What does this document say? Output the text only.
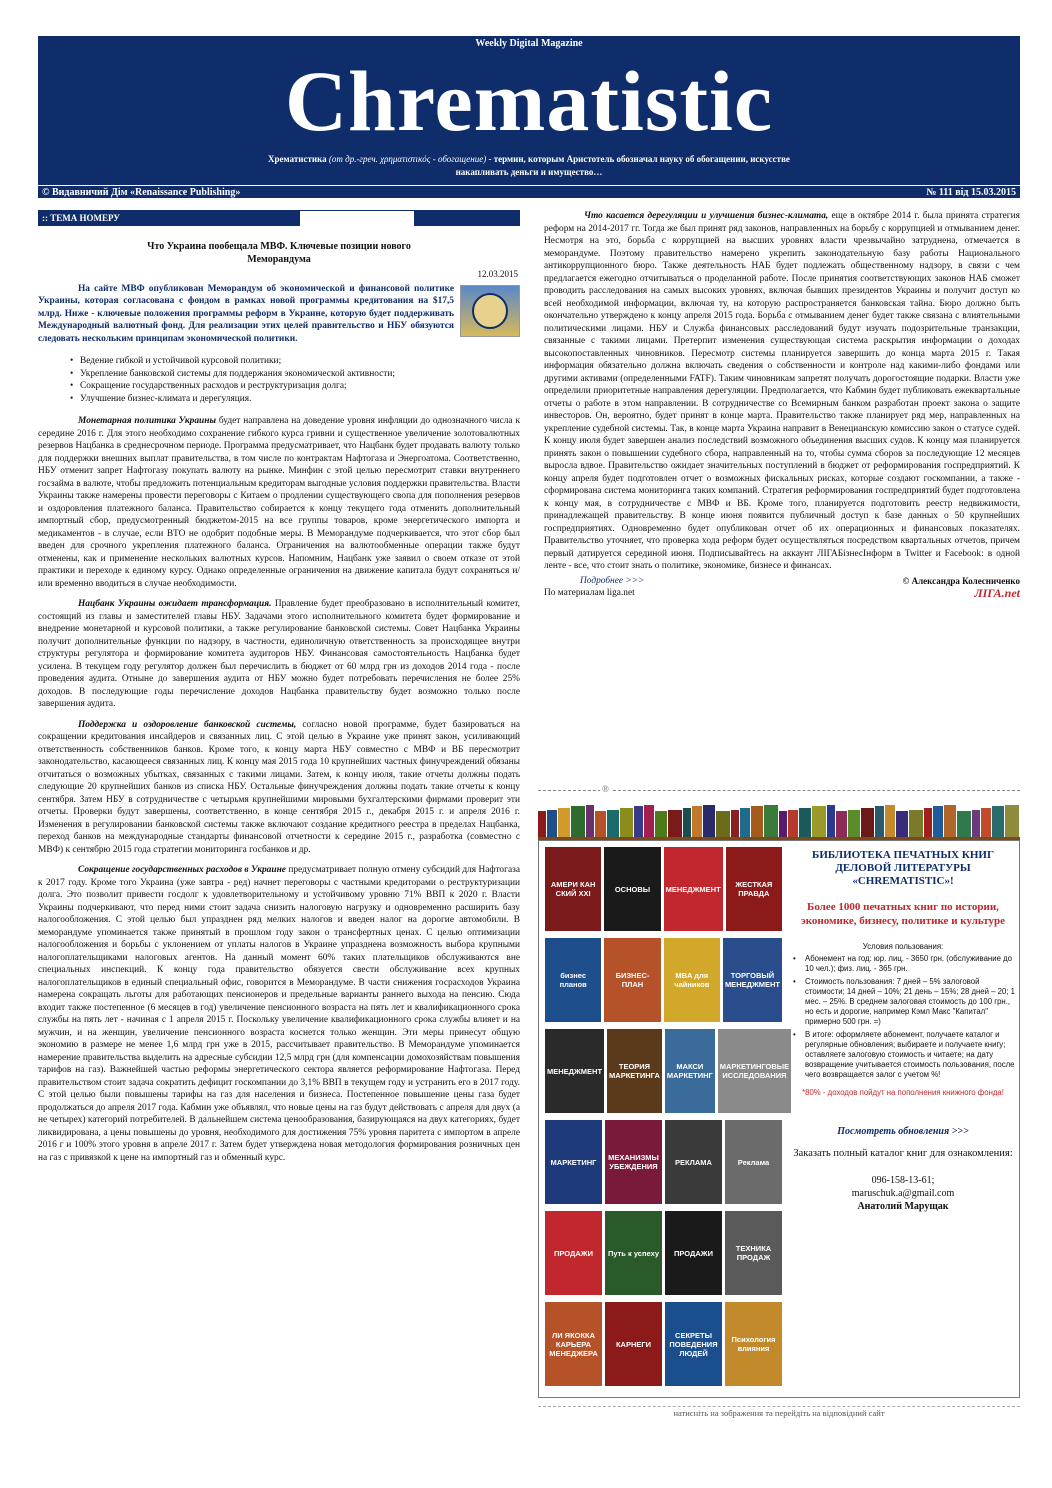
Weekly Digital Magazine
Chrematistic
Хрематистика (от др.-греч. χρηματιστικός - обогащение) - термин, которым Аристотель обозначал науку об обогащении, искусстве накапливать деньги и имущество…
© Видавничий Дім «Renaissance Publishing»	№ 111 від 15.03.2015
:: ТЕМА НОМЕРУ
Что Украина пообещала МВФ. Ключевые позиции нового Меморандума
12.03.2015

На сайте МВФ опубликован Меморандум об экономической и финансовой политике Украины, которая согласована с фондом в рамках новой программы кредитования на $17,5 млрд. Ниже - ключевые положения программы реформ в Украине, которую будет поддерживать Международный валютный фонд. Для реализации этих целей правительство и НБУ обязуются следовать нескольким принципам экономической политики.

• Ведение гибкой и устойчивой курсовой политики;
• Укрепление банковской системы для поддержания экономической активности;
• Сокращение государственных расходов и реструктуризация долга;
• Улучшение бизнес-климата и дерегуляция.

Монетарная политика Украины будет направлена на доведение уровня инфляции до однозначного числа к середине 2016 г. Для этого необходимо сохранение гибкого курса гривни и существенное увеличение золотовалютных резервов Нацбанка в среднесрочном периоде. Программа предусматривает, что Нацбанк будет продавать валюту только для поддержки внешних выплат правительства, в том числе по контрактам Нафтогаза и Энергоатома. Соответственно, НБУ отменит запрет Нафтогазу покупать валюту на рынке. Минфин с этой целью пересмотрит ставки внутреннего госзайма в валюте, чтобы предложить потенциальным кредиторам выгодные условия поддержки правительства. Власти Украины также намерены провести переговоры с Китаем о продлении существующего свопа для пополнения резервов и оздоровления платежного баланса. Правительство собирается к концу текущего года отменить дополнительный импортный сбор, предусмотренный бюджетом-2015 на все группы товаров, кроме энергетического импорта и медикаментов - в случае, если ВТО не одобрит подобные меры. В Меморандуме подчеркивается, что этот сбор был введен для срочного укрепления платежного баланса. Ограничения на валютообменные операции также будут отменены, как и применение нескольких валютных курсов. Напомним, Нацбанк уже заявил о своем отказе от этой практики и переходе к единому курсу. Однако определенные ограничения на движение капитала будут сохраняться и/или временно вводиться в случае необходимости.

Нацбанк Украины ожидает трансформация. Правление будет преобразовано в исполнительный комитет, состоящий из главы и заместителей главы НБУ. Задачами этого исполнительного комитета будет формирование и внедрение монетарной и курсовой политики, а также регулирование банковской системы. Совет Нацбанка Украины получит дополнительные функции по надзору, в частности, единоличную ответственность за происходящее внутри структуры регулятора и формирование комитета аудиторов НБУ. Финансовая самостоятельность Нацбанка будет усилена. В текущем году регулятор должен был перечислить в бюджет от 60 млрд грн из доходов 2014 года - после проведения аудита. Отныне до завершения аудита от НБУ можно будет потребовать перечисления не более 25% доходов. В последующие годы перечисление доходов Нацбанка правительству будет возможно только после завершения аудита.

Поддержка и оздоровление банковской системы, согласно новой программе, будет базироваться на сокращении кредитования инсайдеров и связанных лиц. С этой целью в Украине уже принят закон, усиливающий ответственность собственников банков. Кроме того, к концу марта НБУ совместно с МВФ и ВБ пересмотрит законодательство, касающееся связанных лиц. К концу мая 2015 года 10 крупнейших частных финучреждений обязаны отчитаться о возможных убытках, связанных с такими лицами. Затем, к концу июля, такие отчеты должны подать следующие 20 крупнейших банков из списка НБУ. Остальные финучреждения должны подать такие отчеты к концу сентября. Затем НБУ в сотрудничестве с четырьмя крупнейшими мировыми бухгалтерскими фирмами проверит эти отчеты. Проверки будут завершены, соответственно, в конце сентября 2015 г., декабря 2015 г. и апреля 2016 г. Изменения в регулировании банковской системы также включают создание кредитного реестра в пределах Нацбанка, переход банков на международные стандарты финансовой отчетности к середине 2015 г., разработка (совместно с МВФ) к сентябрю 2015 года стратегии мониторинга госбанков и др.

Сокращение государственных расходов в Украине предусматривает полную отмену субсидий для Нафтогаза к 2017 году. Кроме того Украина (уже завтра - ред) начнет переговоры с частными кредиторами о реструктуризации долга. Это позволит привести госдолг к удовлетворительному и устойчивому уровню 71% ВВП к 2020 г. Власти Украины подчеркивают, что перед ними стоит задача снизить налоговую нагрузку и одновременно расширить базу налогообложения. С этой целью был упразднен ряд мелких налогов и введен налог на дорогие автомобили. В меморандуме упоминается также принятый в прошлом году закон о трансфертных ценах. С целью оптимизации налогообложения и борьбы с уклонением от уплаты налогов в Украине упразднена возможность выбора крупными налогоплательщиками налоговых агентов. На данный момент 60% таких плательщиков обслуживаются вне специальных инспекций. К концу года правительство обязуется свести обслуживание всех крупных налогоплательщиков в единый специальный офис, говорится в Меморандуме. В части снижения госрасходов Украина намерена сокращать льготы для работающих пенсионеров и предельные варианты раннего выхода на пенсию. Сюда входит также постепенное (6 месяцев в год) увеличение пенсионного возраста на пять лет и квалификационного срока службы на пять лет - начиная с 1 апреля 2015 г. Поскольку увеличение квалификационного срока службы влияет и на мужчин, и на женщин, увеличение пенсионного возраста коснется только женщин. Эти меры принесут общую экономию в размере не менее 1,6 млрд грн уже в 2015, рассчитывает правительство. В Меморандуме упоминается намерение правительства выделить на адресные субсидии 12,5 млрд грн (для компенсации домохозяйствам повышения тарифов на газ). Важнейшей частью реформы энергетического сектора является реформирование Нафтогаза. Перед правительством стоит задача сократить дефицит госкомпании до 3,1% ВВП в текущем году и устранить его в 2017 году. С этой целью были повышены тарифы на газ для населения и бизнеса. Постепенное повышение цены газа будет продолжаться до апреля 2017 года. Кабмин уже объявлял, что новые цены на газ будут действовать с апреля для двух (а не четырех) категорий потребителей. В дальнейшем система ценообразования, базирующаяся на двух категориях, будет ликвидирована, а цены повышены до уровня, необходимого для достижения 75% уровня паритета с импортом в апреле 2016 г и 100% этого уровня в апреле 2017 г. Затем будет утверждена новая методология формирования розничных цен на газ с привязкой к цене на импортный газ и обменный курс.

Что касается дерегуляции и улучшения бизнес-климата, еще в октябре 2014 г. была принята стратегия реформ на 2014-2017 гг. Тогда же был принят ряд законов, направленных на борьбу с коррупцией и отмыванием денег. Несмотря на это, борьба с коррупцией на высших уровнях власти чрезвычайно затруднена, отмечается в меморандуме. Поэтому правительство намерено укрепить законодательную базу работы Национального антикоррупционного бюро. Также деятельность НАБ будет подлежать общественному надзору, в связи с чем предлагается ежегодно отчитываться о проделанной работе. После принятия соответствующих законов НАБ сможет проводить расследования на самых высоких уровнях, включая бывших президентов Украины и получит доступ ко всей необходимой информации, включая ту, на которую распространяется банковская тайна. Бюро должно быть окончательно утверждено к концу апреля 2015 года. Борьба с отмыванием денег будет также связана с влиятельными политическими лицами. НБУ и Служба финансовых расследований будут изучать подозрительные транзакции, связанные с такими лицами. Претерпит изменения существующая система раскрытия информации о доходах высокопоставленных чиновников. Пересмотр системы планируется завершить до конца марта 2015 г. Такая информация обязательно должна включать сведения о собственности и контроле над какими-либо фондами или другими активами (определенными FATF). Таким чиновникам запретят получать дорогостоящие подарки. Власти уже определили приоритетные направления дерегуляции. Предполагается, что Кабмин будет публиковать ежеквартальные отчеты о работе в этом направлении. В сотрудничестве со Всемирным банком разработан проект закона о защите инвесторов. Он, вероятно, будет принят в конце марта. Правительство также планирует ряд мер, направленных на укрепление судебной системы. Так, в конце марта Украина направит в Венецианскую комиссию закон о статусе судей. К концу июля будет завершен анализ последствий возможного объединения высших судов. К концу мая планируется принять закон о повышении судебного сбора, направленный на то, чтобы сумма сборов за последующие 12 месяцев выросла вдвое. Правительство ожидает значительных поступлений в бюджет от реформирования госпредприятий. К концу апреля будет подготовлен отчет о возможных фискальных рисках, которые создают госкомпании, а также - сформирована система мониторинга таких компаний. Стратегия реформирования госпредприятий будет подготовлена к концу мая, в сотрудничестве с МВФ и ВБ. Кроме того, планируется подготовить реестр недвижимости, принадлежащей правительству. В конце июня появится публичный доступ к базе данных о 50 крупнейших госпредприятиях. Одновременно будет опубликован отчет об их операционных и финансовых показателях. Правительство уточняет, что проверка хода реформ будет осуществляться посредством квартальных отчетов, причем первый датируется серединой июня. Подписывайтесь на аккаунт ЛІГАБізнесІнформ в Twitter и Facebook: в одной ленте - все, что стоит знать о политике, экономике, бизнесе и финансах.

Подробнее >>>	© Александра Колесниченко
По материалам liga.net	ЛІГА.net
®
АМЕРИ КАН СКИЙ XXI	ОСНОВЫ	МЕНЕДЖМЕНТ	ЖЕСТКАЯ ПРАВДА
бизнес планов
БИЗНЕС-ПЛАН
MBA для чайников
ТОРГОВЫЙ МЕНЕДЖМЕНТ
МЕНЕДЖМЕНТ	ТЕОРИЯ МАРКЕТИНГА
МАКСИ МАРКЕТИНГ
МАРКЕТИНГОВЫЕ ИССЛЕДОВАНИЯ
МАРКЕТИНГ	МЕХАНИЗМЫ УБЕЖДЕНИЯ	РЕКЛАМА	Реклама
ПРОДАЖИ	Путь к успеху	ПРОДАЖИ	ТЕХНИКА ПРОДАЖ
ЛИ ЯКОККА КАРЬЕРА МЕНЕДЖЕРА
КАРНЕГИ
СЕКРЕТЫ ПОВЕДЕНИЯ ЛЮДЕЙ
Психология влияния
БИБЛИОТЕКА ПЕЧАТНЫХ КНИГ ДЕЛОВОЙ ЛИТЕРАТУРЫ «CHREMATISTIC»!
Более 1000 печатных книг по истории, экономике, бизнесу, политике и культуре
Условия пользования:
• Абонемент на год: юр. лиц. - 3650 грн. (обслуживание до 10 чел.); физ. лиц. - 365 грн.
• Стоимость пользования: 7 дней – 5% залоговой стоимости; 14 дней – 10%; 21 день – 15%; 28 дней – 20; 1 мес. – 25%. В среднем залоговая стоимость до 100 грн., но есть и дорогие, например Кэмл Макс "Капитал" примерно 500 грн. =)
• В итоге: оформляете абонемент, получаете каталог и регулярные обновления; выбираете и получаете книгу; оставляете залоговую стоимость и читаете; на дату возвращение учитывается стоимость пользования, после чего возвращается залог с учетом %!
*80% - доходов пойдут на пополнения книжного фонда!
Посмотреть обновления >>>
Заказать полный каталог книг для ознакомления:
096-158-13-61;
maruschuk.a@gmail.com
Анатолий Марущак
натисніть на зображення та перейдіть на відповідний сайт
